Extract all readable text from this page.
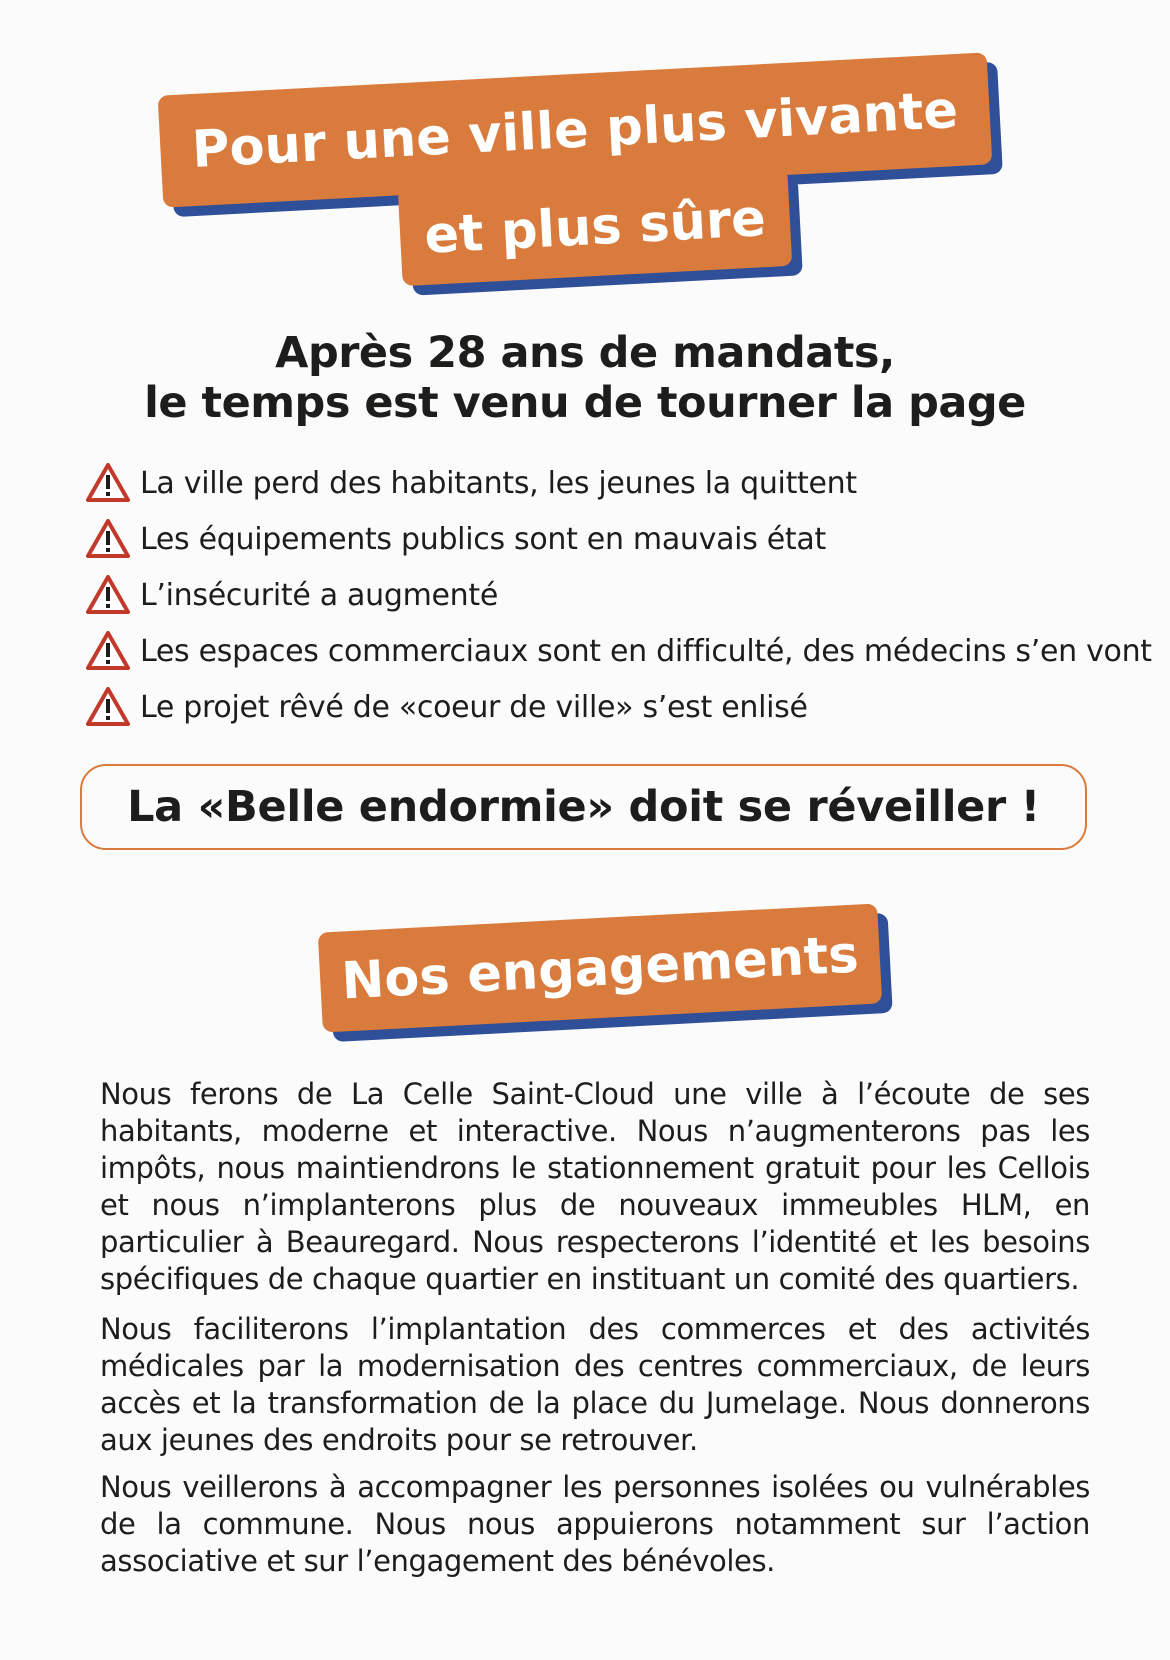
Pour une ville plus vivante
et plus sûre
Après 28 ans de mandats,
le temps est venu de tourner la page
La ville perd des habitants, les jeunes la quittent
Les équipements publics sont en mauvais état
L’insécurité a augmenté
Les espaces commerciaux sont en difficulté, des médecins s’en vont
Le projet rêvé de «coeur de ville» s’est enlisé
La «Belle endormie» doit se réveiller !
Nos engagements

Nous ferons de La Celle Saint-Cloud une ville à l’écoute de ses habitants, moderne et interactive. Nous n’augmenterons pas les impôts, nous maintiendrons le stationnement gratuit pour les Cellois et nous n’implanterons plus de nouveaux immeubles HLM, en particulier à Beauregard. Nous respecterons l’identité et les besoins spécifiques de chaque quartier en instituant un comité des quartiers.

Nous faciliterons l’implantation des commerces et des activités médicales par la modernisation des centres commerciaux, de leurs accès et la transformation de la place du Jumelage. Nous donnerons aux jeunes des endroits pour se retrouver.

Nous veillerons à accompagner les personnes isolées ou vulnérables de la commune. Nous nous appuierons notamment sur l’action associative et sur l’engagement des bénévoles.
